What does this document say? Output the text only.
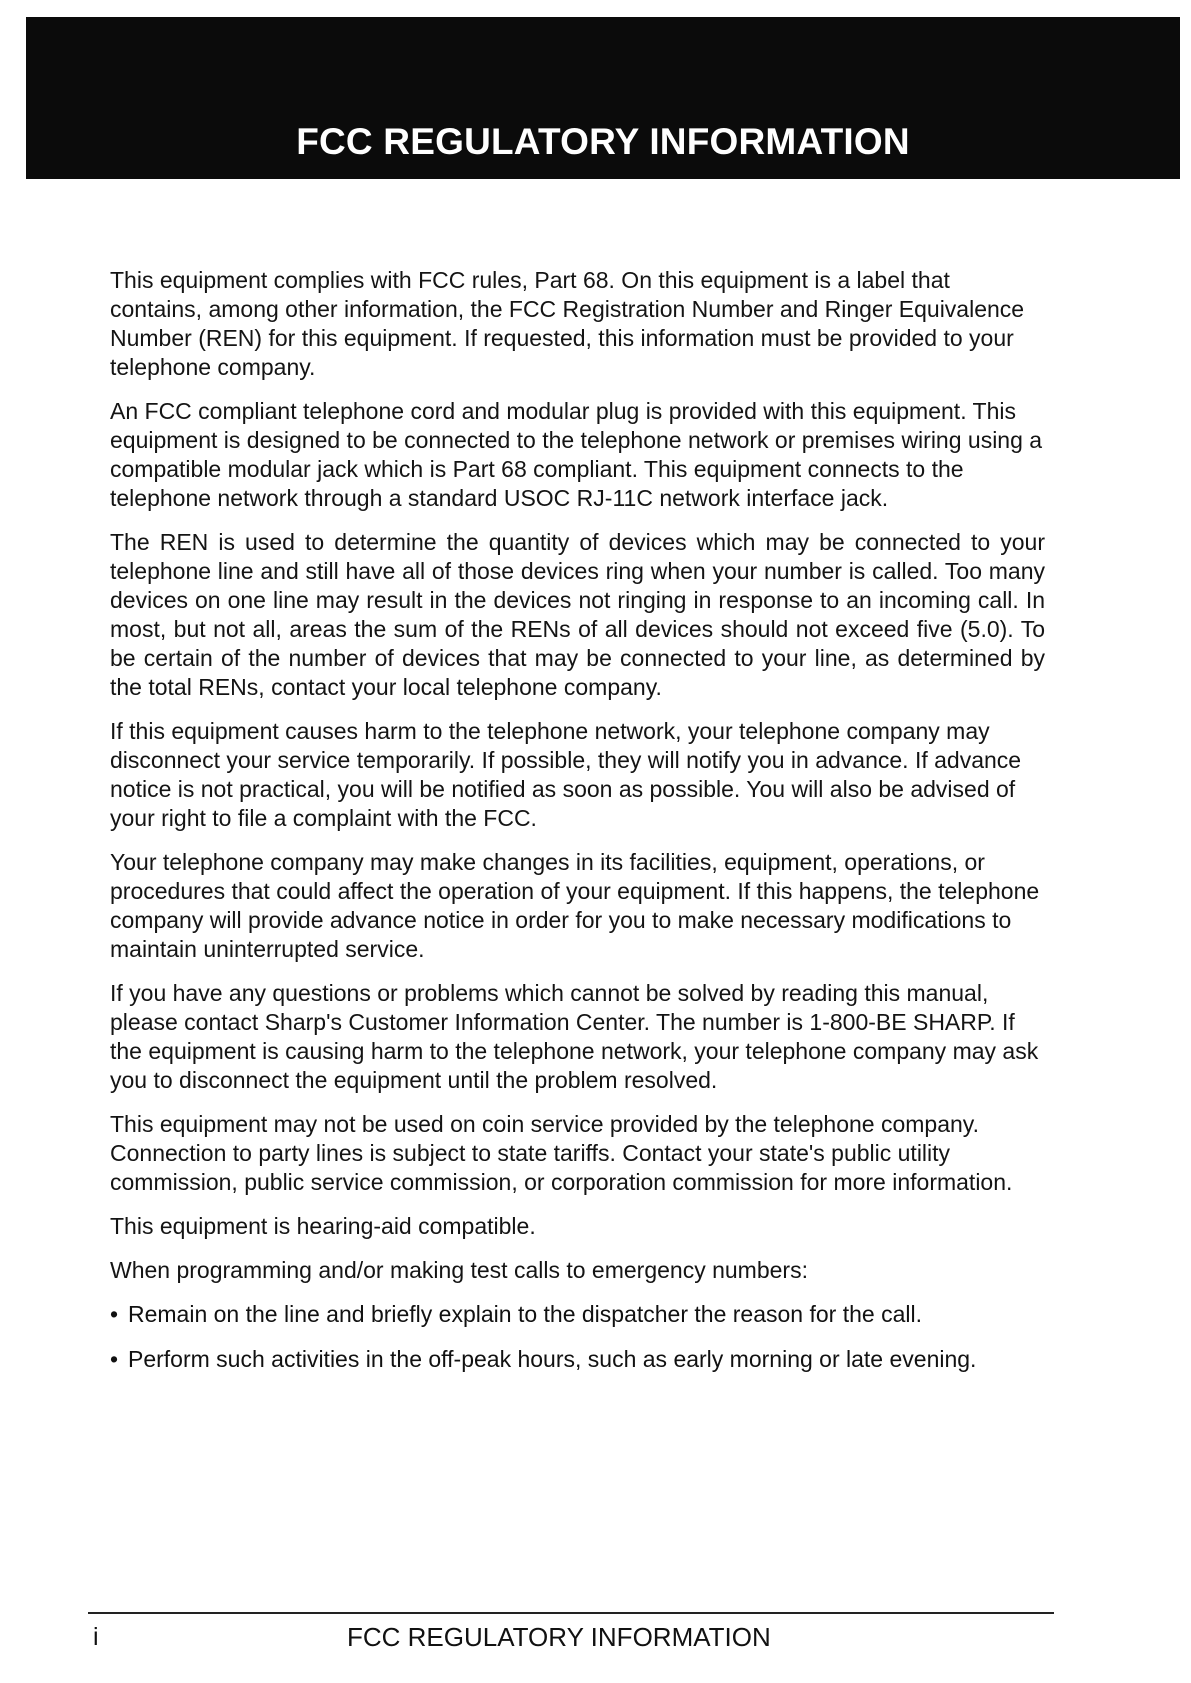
FCC REGULATORY INFORMATION

This equipment complies with FCC rules, Part 68. On this equipment is a label that contains, among other information, the FCC Registration Number and Ringer Equivalence Number (REN) for this equipment. If requested, this information must be provided to your telephone company.

An FCC compliant telephone cord and modular plug is provided with this equipment. This equipment is designed to be connected to the telephone network or premises wiring using a compatible modular jack which is Part 68 compliant. This equipment connects to the telephone network through a standard USOC RJ-11C network interface jack.

The REN is used to determine the quantity of devices which may be connected to your telephone line and still have all of those devices ring when your number is called. Too many devices on one line may result in the devices not ringing in response to an incoming call. In most, but not all, areas the sum of the RENs of all devices should not exceed five (5.0). To be certain of the number of devices that may be connected to your line, as determined by the total RENs, contact your local telephone company.

If this equipment causes harm to the telephone network, your telephone company may disconnect your service temporarily. If possible, they will notify you in advance. If advance notice is not practical, you will be notified as soon as possible. You will also be advised of your right to file a complaint with the FCC.

Your telephone company may make changes in its facilities, equipment, operations, or procedures that could affect the operation of your equipment. If this happens, the telephone company will provide advance notice in order for you to make necessary modifications to maintain uninterrupted service.

If you have any questions or problems which cannot be solved by reading this manual, please contact Sharp's Customer Information Center. The number is 1-800-BE SHARP. If the equipment is causing harm to the telephone network, your telephone company may ask you to disconnect the equipment until the problem resolved.

This equipment may not be used on coin service provided by the telephone company. Connection to party lines is subject to state tariffs. Contact your state's public utility commission, public service commission, or corporation commission for more information.

This equipment is hearing-aid compatible.

When programming and/or making test calls to emergency numbers:

• Remain on the line and briefly explain to the dispatcher the reason for the call.
• Perform such activities in the off-peak hours, such as early morning or late evening.
i	FCC REGULATORY INFORMATION
